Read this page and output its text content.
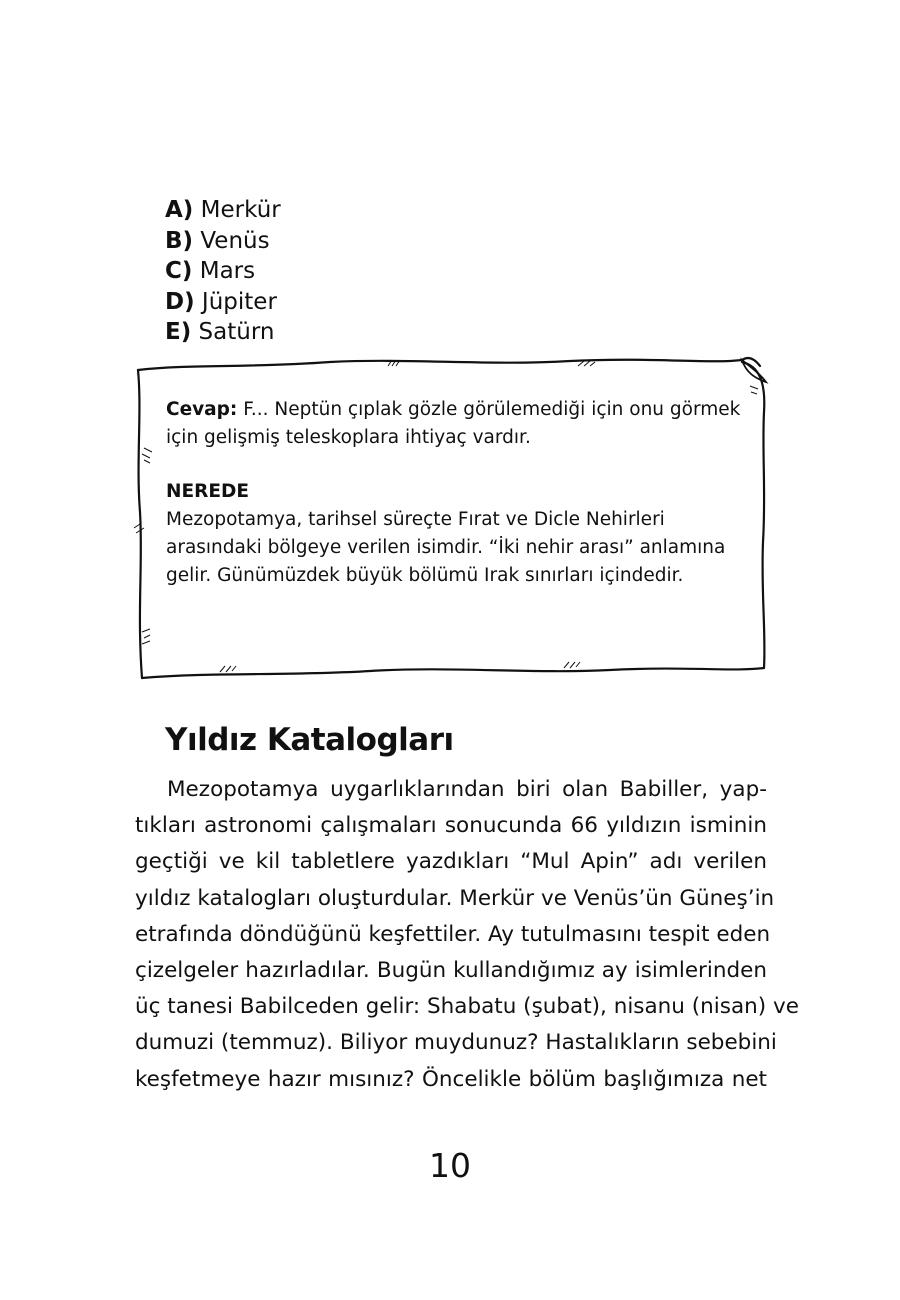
A) Merkür
B) Venüs
C) Mars
D) Jüpiter
E) Satürn

Cevap: F... Neptün çıplak gözle görülemediği için onu görmek için gelişmiş teleskoplara ihtiyaç vardır.

NEREDE

Mezopotamya, tarihsel süreçte Fırat ve Dicle Nehirleri arasındaki bölgeye verilen isimdir. “İki nehir arası” anlamına gelir. Günümüzdek büyük bölümü Irak sınırları içindedir.

Yıldız Katalogları
Mezopotamya uygarlıklarından biri olan Babiller, yap-
tıkları astronomi çalışmaları sonucunda 66 yıldızın isminin
geçtiği ve kil tabletlere yazdıkları “Mul Apin” adı verilen
yıldız katalogları oluşturdular. Merkür ve Venüs’ün Güneş’in
etrafında döndüğünü keşfettiler. Ay tutulmasını tespit eden
çizelgeler hazırladılar. Bugün kullandığımız ay isimlerinden
üç tanesi Babilceden gelir: Shabatu (şubat), nisanu (nisan) ve
dumuzi (temmuz). Biliyor muydunuz? Hastalıkların sebebini
keşfetmeye hazır mısınız? Öncelikle bölüm başlığımıza net
10
